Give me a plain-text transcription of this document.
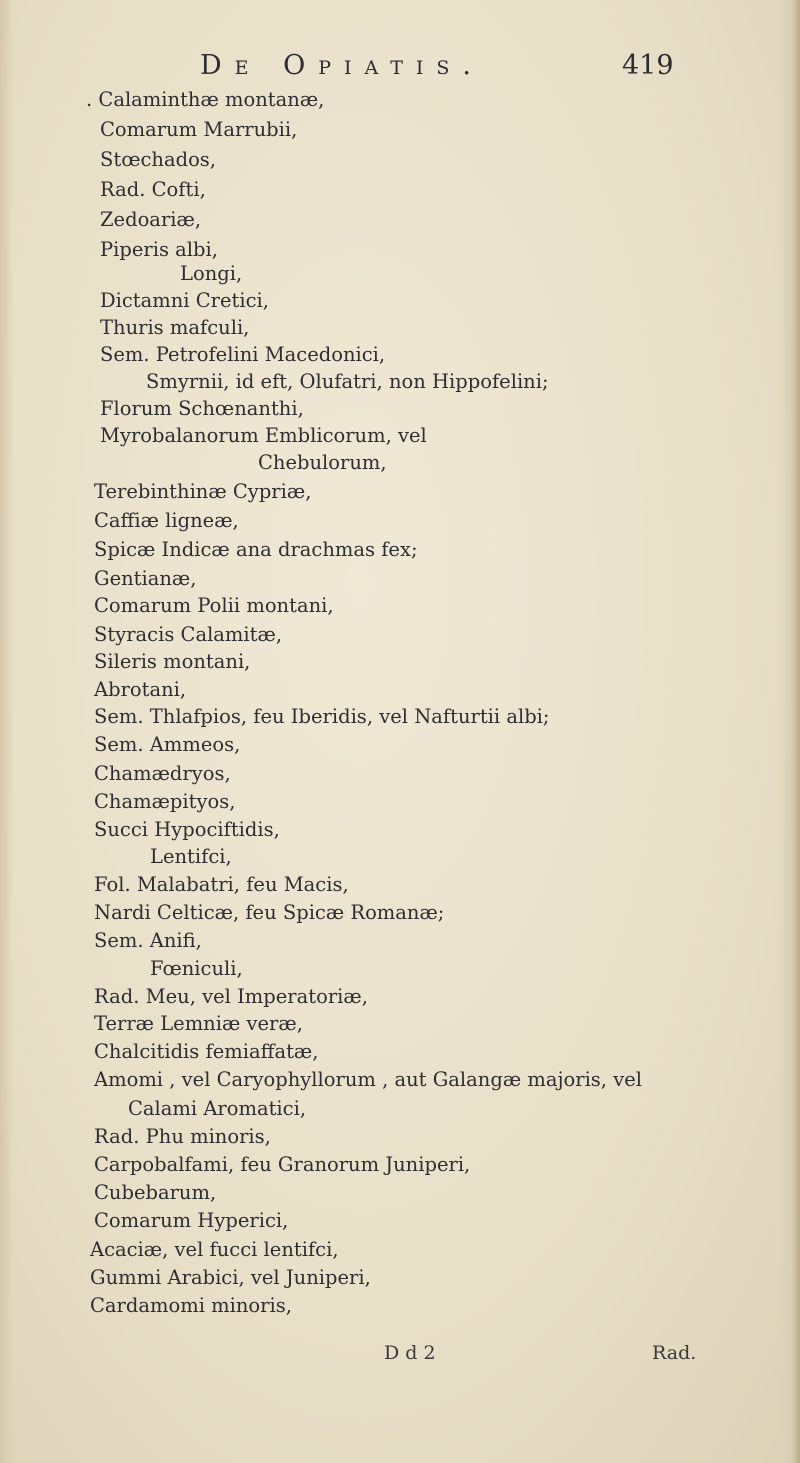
De Opiatis.	419
. Calaminthæ montanæ,
Comarum Marrubii,
Stœchados,
Rad. Cofti,
Zedoariæ,
Piperis albi,
Longi,
Dictamni Cretici,
Thuris mafculi,
Sem. Petrofelini Macedonici,
Smyrnii, id eft, Olufatri, non Hippofelini;
Florum Schœnanthi,
Myrobalanorum Emblicorum, vel
Chebulorum,
Terebinthinæ Cypriæ,
Caffiæ ligneæ,
Spicæ Indicæ ana drachmas fex;
Gentianæ,
Comarum Polii montani,
Styracis Calamitæ,
Sileris montani,
Abrotani,
Sem. Thlafpios, feu Iberidis, vel Nafturtii albi;
Sem. Ammeos,
Chamædryos,
Chamæpityos,
Succi Hypociftidis,
Lentifci,
Fol. Malabatri, feu Macis,
Nardi Celticæ, feu Spicæ Romanæ;
Sem. Anifi,
Fœniculi,
Rad. Meu, vel Imperatoriæ,
Terræ Lemniæ veræ,
Chalcitidis femiaffatæ,
Amomi , vel Caryophyllorum , aut Galangæ majoris, vel
Calami Aromatici,
Rad. Phu minoris,
Carpobalfami, feu Granorum Juniperi,
Cubebarum,
Comarum Hyperici,
Acaciæ, vel fucci lentifci,
Gummi Arabici, vel Juniperi,
Cardamomi minoris,
D d 2	Rad.
